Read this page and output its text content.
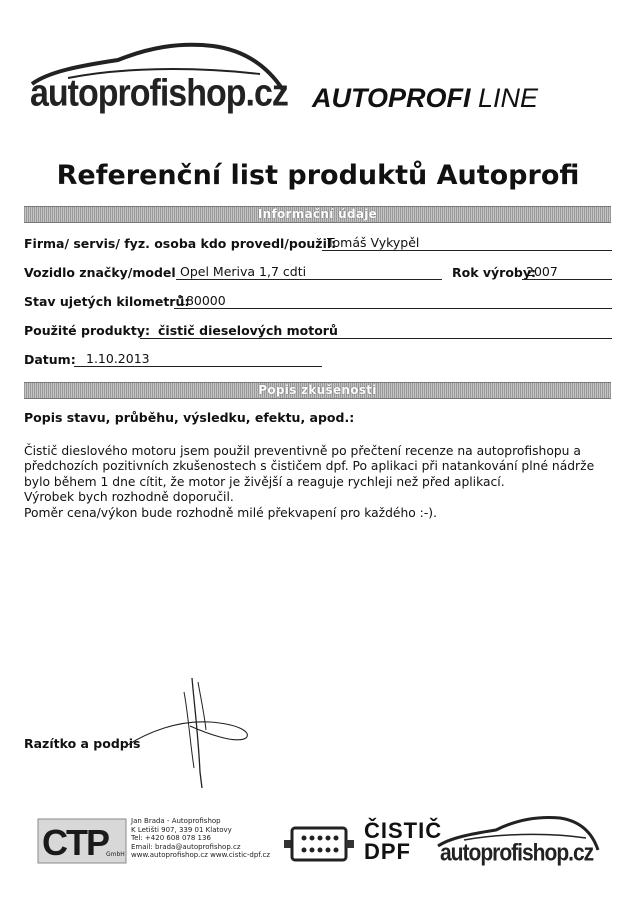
autoprofishop.cz AUTOPROFI LINE
Referenční list produktů Autoprofi
Informační údaje
Firma/ servis/ fyz. osoba kdo provedl/použil:
Tomáš Vykypěl
Vozidlo značky/model Opel Meriva 1,7 cdti	Rok výroby:
2007
Stav ujetých kilometrů:
180000
Použité produkty: čistič dieselových motorů
Datum: 1.10.2013
Popis zkušenosti
Popis stavu, průběhu, výsledku, efektu, apod.:
Čistič dieslového motoru jsem použil preventivně po přečtení recenze na autoprofishopu a
předchozích pozitivních zkušenostech s čističem dpf. Po aplikaci při natankování plné nádrže
bylo během 1 dne cítit, že motor je živější a reaguje rychleji než před aplikací.
Výrobek bych rozhodně doporučil.
Poměr cena/výkon bude rozhodně milé překvapení pro každého :-).
Razítko a podpis
CTP
GmbH
Jan Brada - Autoprofishop
K Letišti 907, 339 01 Klatovy
Tel: +420 608 078 136
Email: brada@autoprofishop.cz
www.autoprofishop.cz www.cistic-dpf.cz
ČISTIČ
DPF	autoprofishop.cz
